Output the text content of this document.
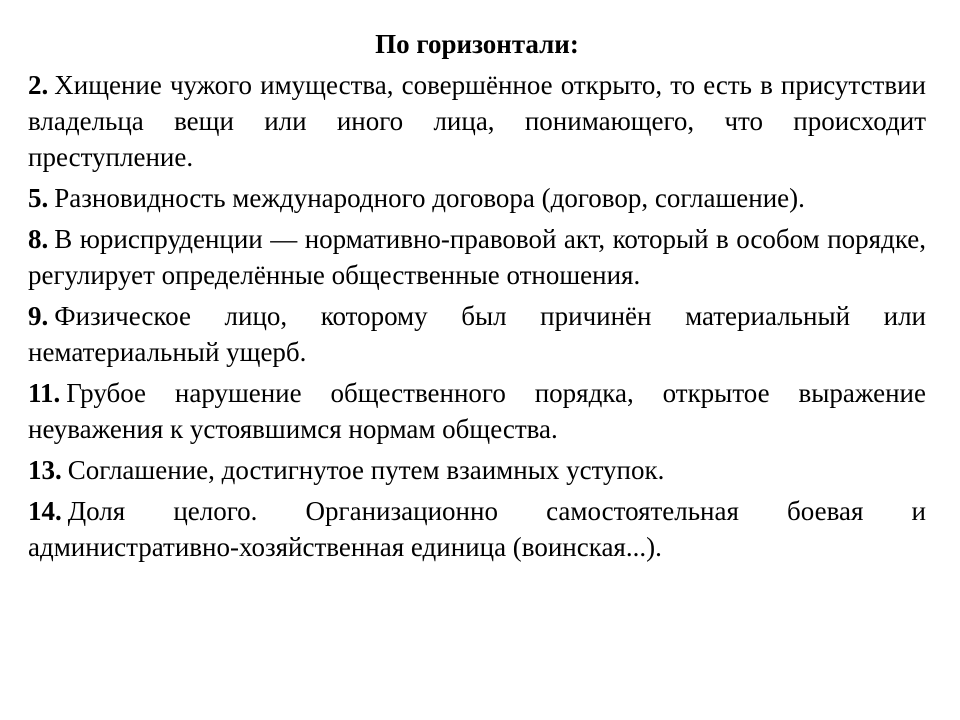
По горизонтали:
2. Хищение чужого имущества, совершённое открыто, то есть в присутствии владельца вещи или иного лица, понимающего, что происходит преступление.
5. Разновидность международного договора (договор, соглашение).
8. В юриспруденции — нормативно-правовой акт, который в особом порядке, регулирует определённые общественные отношения.
9. Физическое лицо, которому был причинён материальный или нематериальный ущерб.
11. Грубое нарушение общественного порядка, открытое выражение неуважения к устоявшимся нормам общества.
13. Соглашение, достигнутое путем взаимных уступок.
14. Доля целого. Организационно самостоятельная боевая и административно-хозяйственная единица (воинская...).
